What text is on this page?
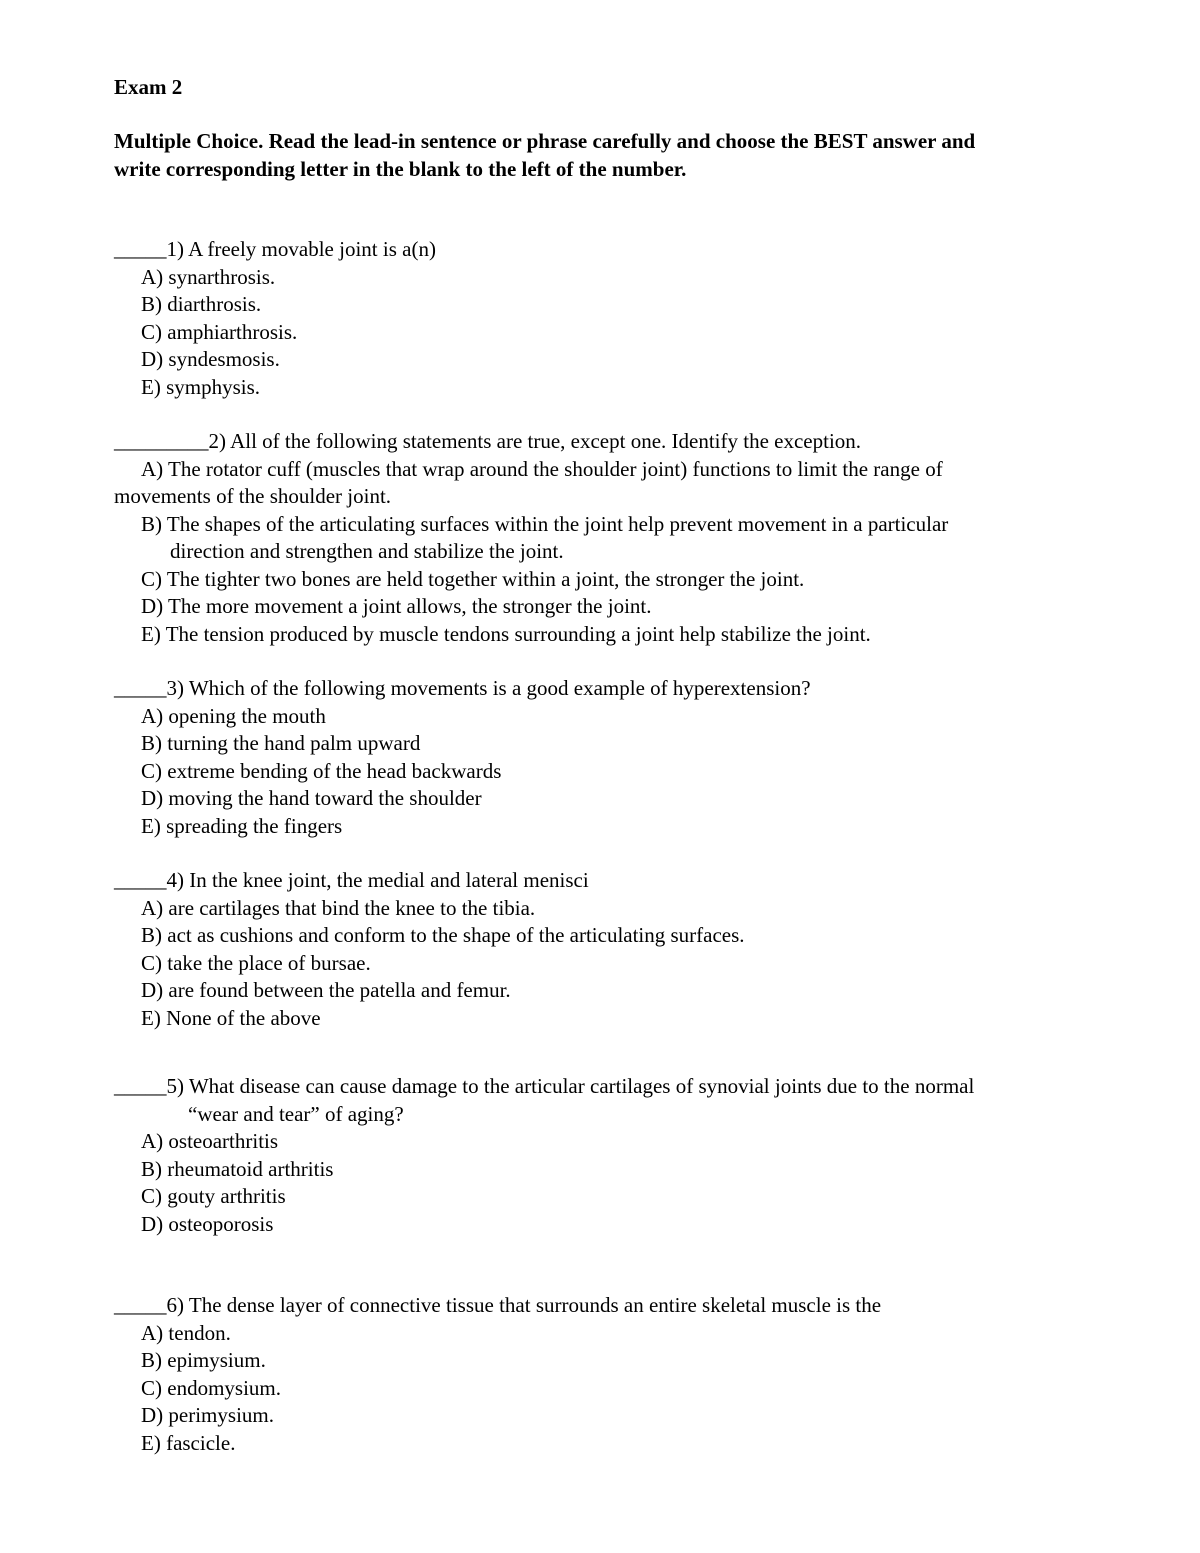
Exam 2
Multiple Choice. Read the lead-in sentence or phrase carefully and choose the BEST answer and
write corresponding letter in the blank to the left of the number.
_____1) A freely movable joint is a(n)
A) synarthrosis.
B) diarthrosis.
C) amphiarthrosis.
D) syndesmosis.
E) symphysis.
_________2) All of the following statements are true, except one. Identify the exception.
A) The rotator cuff (muscles that wrap around the shoulder joint) functions to limit the range of
movements of the shoulder joint.
B) The shapes of the articulating surfaces within the joint help prevent movement in a particular
direction and strengthen and stabilize the joint.
C) The tighter two bones are held together within a joint, the stronger the joint.
D) The more movement a joint allows, the stronger the joint.
E) The tension produced by muscle tendons surrounding a joint help stabilize the joint.
_____3) Which of the following movements is a good example of hyperextension?
A) opening the mouth
B) turning the hand palm upward
C) extreme bending of the head backwards
D) moving the hand toward the shoulder
E) spreading the fingers
_____4) In the knee joint, the medial and lateral menisci
A) are cartilages that bind the knee to the tibia.
B) act as cushions and conform to the shape of the articulating surfaces.
C) take the place of bursae.
D) are found between the patella and femur.
E) None of the above
_____5) What disease can cause damage to the articular cartilages of synovial joints due to the normal
“wear and tear” of aging?
A) osteoarthritis
B) rheumatoid arthritis
C) gouty arthritis
D) osteoporosis
_____6) The dense layer of connective tissue that surrounds an entire skeletal muscle is the
A) tendon.
B) epimysium.
C) endomysium.
D) perimysium.
E) fascicle.
